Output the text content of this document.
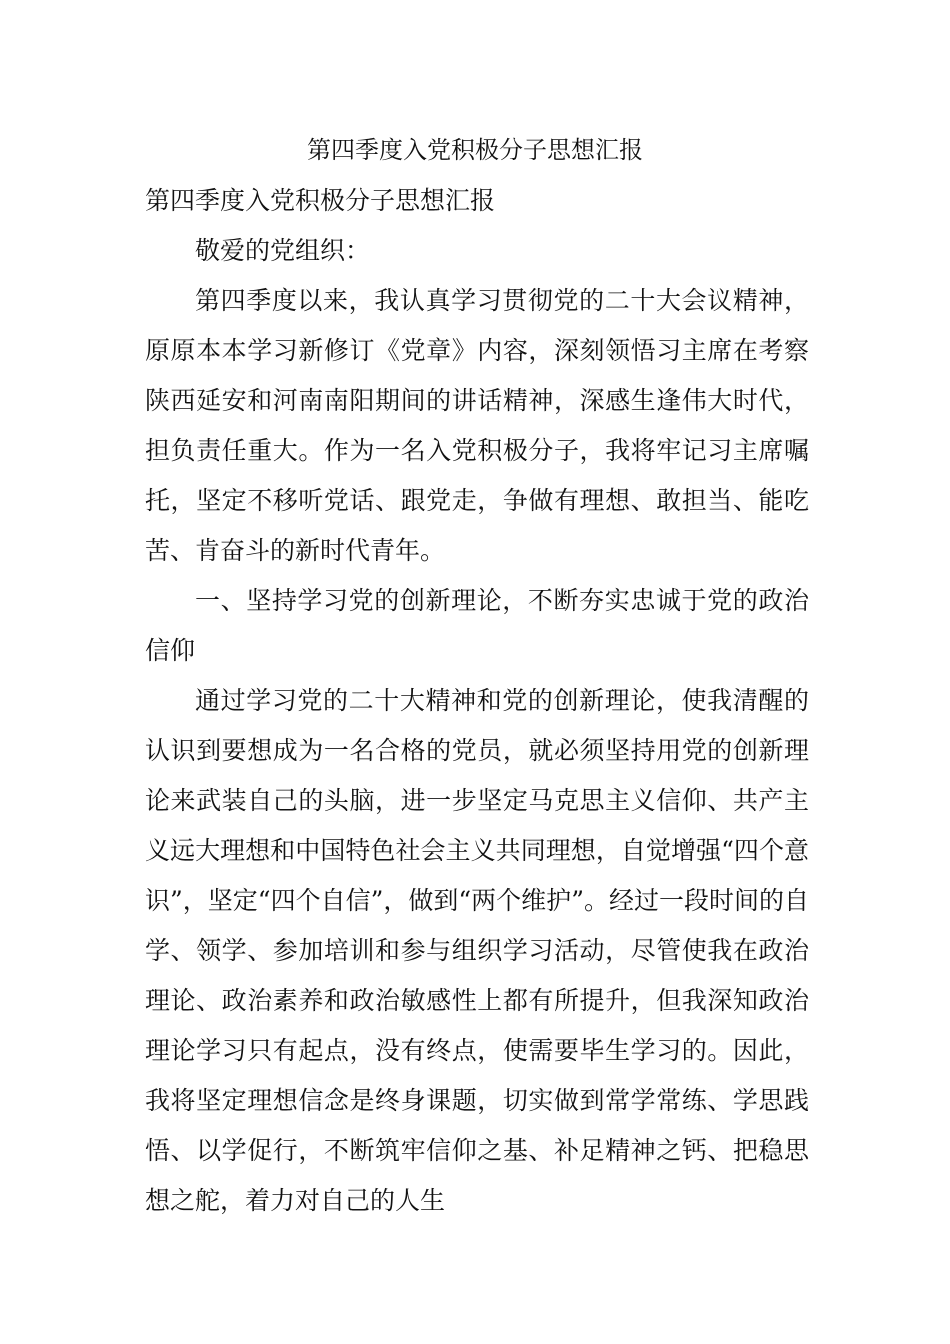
第四季度入党积极分子思想汇报

第四季度入党积极分子思想汇报

敬爱的党组织：

第四季度以来，我认真学习贯彻党的二十大会议精神，原原本本学习新修订《党章》内容，深刻领悟习主席在考察陕西延安和河南南阳期间的讲话精神，深感生逢伟大时代，担负责任重大。作为一名入党积极分子，我将牢记习主席嘱托，坚定不移听党话、跟党走，争做有理想、敢担当、能吃苦、肯奋斗的新时代青年。

一、坚持学习党的创新理论，不断夯实忠诚于党的政治信仰

通过学习党的二十大精神和党的创新理论，使我清醒的认识到要想成为一名合格的党员，就必须坚持用党的创新理论来武装自己的头脑，进一步坚定马克思主义信仰、共产主义远大理想和中国特色社会主义共同理想，自觉增强“四个意识”，坚定“四个自信”，做到“两个维护”。经过一段时间的自学、领学、参加培训和参与组织学习活动，尽管使我在政治理论、政治素养和政治敏感性上都有所提升，但我深知政治理论学习只有起点，没有终点，使需要毕生学习的。因此，我将坚定理想信念是终身课题，切实做到常学常练、学思践悟、以学促行，不断筑牢信仰之基、补足精神之钙、把稳思想之舵，着力对自己的人生
